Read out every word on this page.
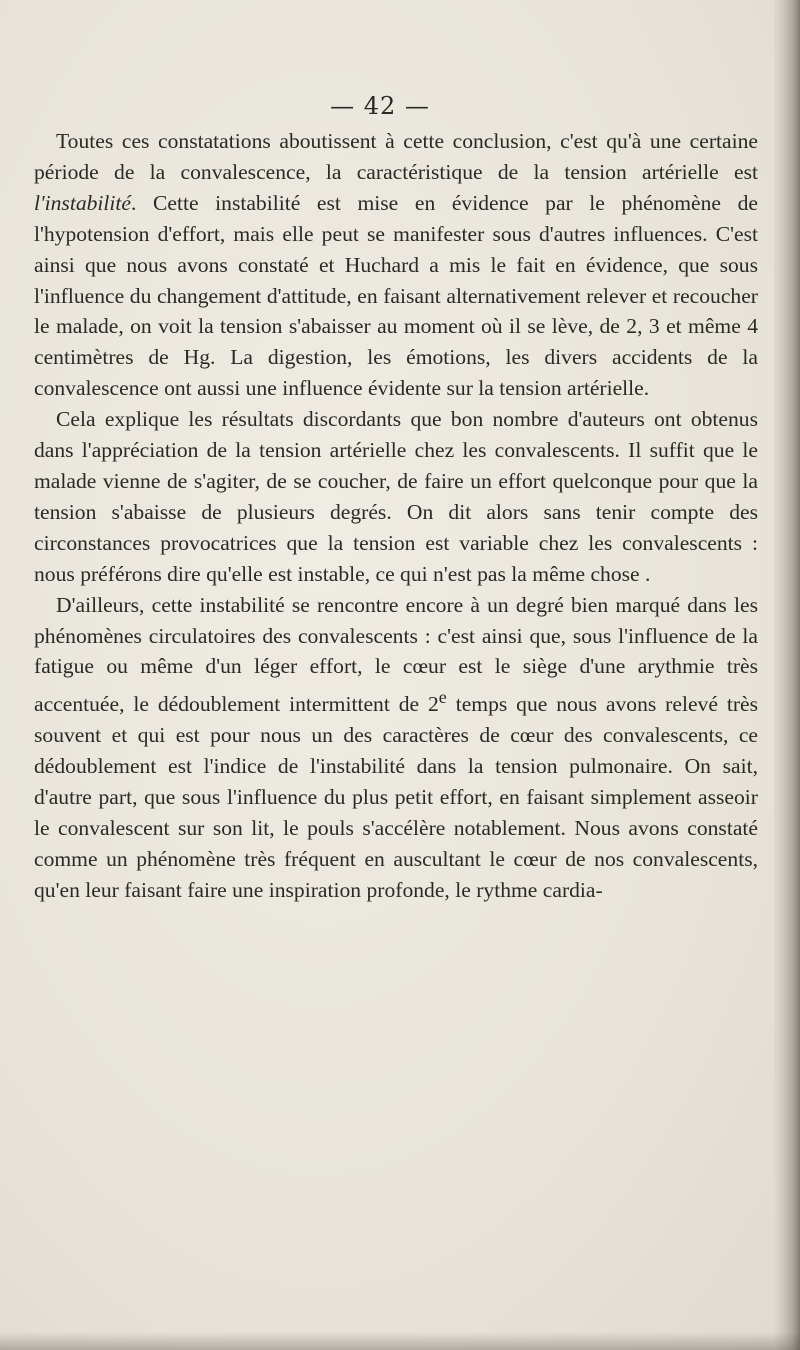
— 42 —

Toutes ces constatations aboutissent à cette conclusion, c'est qu'à une certaine période de la convalescence, la caractéristique de la tension artérielle est l'instabilité. Cette instabilité est mise en évidence par le phénomène de l'hypotension d'effort, mais elle peut se manifester sous d'autres influences. C'est ainsi que nous avons constaté et Huchard a mis le fait en évidence, que sous l'influence du changement d'attitude, en faisant alternativement relever et recoucher le malade, on voit la tension s'abaisser au moment où il se lève, de 2, 3 et même 4 centimètres de Hg. La digestion, les émotions, les divers accidents de la convalescence ont aussi une influence évidente sur la tension artérielle.

Cela explique les résultats discordants que bon nombre d'auteurs ont obtenus dans l'appréciation de la tension artérielle chez les convalescents. Il suffit que le malade vienne de s'agiter, de se coucher, de faire un effort quelconque pour que la tension s'abaisse de plusieurs degrés. On dit alors sans tenir compte des circonstances provocatrices que la tension est variable chez les convalescents : nous préférons dire qu'elle est instable, ce qui n'est pas la même chose .

D'ailleurs, cette instabilité se rencontre encore à un degré bien marqué dans les phénomènes circulatoires des convalescents : c'est ainsi que, sous l'influence de la fatigue ou même d'un léger effort, le cœur est le siège d'une arythmie très accentuée, le dédoublement intermittent de 2e temps que nous avons relevé très souvent et qui est pour nous un des caractères de cœur des convalescents, ce dédoublement est l'indice de l'instabilité dans la tension pulmonaire. On sait, d'autre part, que sous l'influence du plus petit effort, en faisant simplement asseoir le convalescent sur son lit, le pouls s'accélère notablement. Nous avons constaté comme un phénomène très fréquent en auscultant le cœur de nos convalescents, qu'en leur faisant faire une inspiration profonde, le rythme cardia-
